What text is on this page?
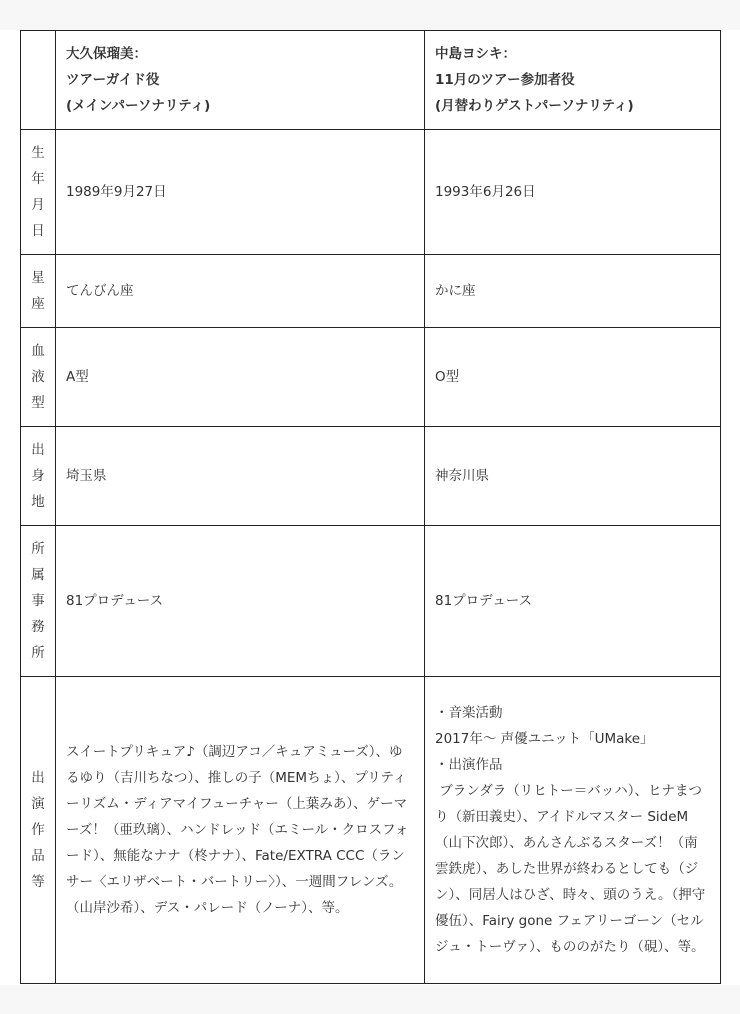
	大久保瑠美：
ツアーガイド役
(メインパーソナリティ)	中島ヨシキ：
11月のツアー参加者役
(月替わりゲストパーソナリティ)

生
年
月
日	1989年9月27日	1993年6月26日

星
座	てんびん座	かに座

血
液
型	A型	O型

出
身
地	埼玉県	神奈川県

所
属
事
務
所	81プロデュース	81プロデュース

出
演
作
品
等	スイートプリキュア♪（調辺アコ／キュアミューズ）、ゆるゆり（吉川ちなつ）、推しの子（MEMちょ）、プリティーリズム・ディアマイフューチャー（上葉みあ）、ゲーマーズ！（亜玖璃）、ハンドレッド（エミール・クロスフォード）、無能なナナ（柊ナナ）、Fate/EXTRA CCC（ランサー〈エリザベート・バートリー〉）、一週間フレンズ。（山岸沙希）、デス・パレード（ノーナ）、等。	・音楽活動
2017年～ 声優ユニット「UMake」
・出演作品
ブランダラ（リヒトー＝バッハ）、ヒナまつり（新田義史）、アイドルマスター SideM（山下次郎）、あんさんぶるスターズ！（南雲鉄虎）、あした世界が終わるとしても（ジン）、同居人はひざ、時々、頭のうえ。（押守優伍）、Fairy gone フェアリーゴーン（セルジュ・トーヴァ）、もののがたり（硯）、等。
